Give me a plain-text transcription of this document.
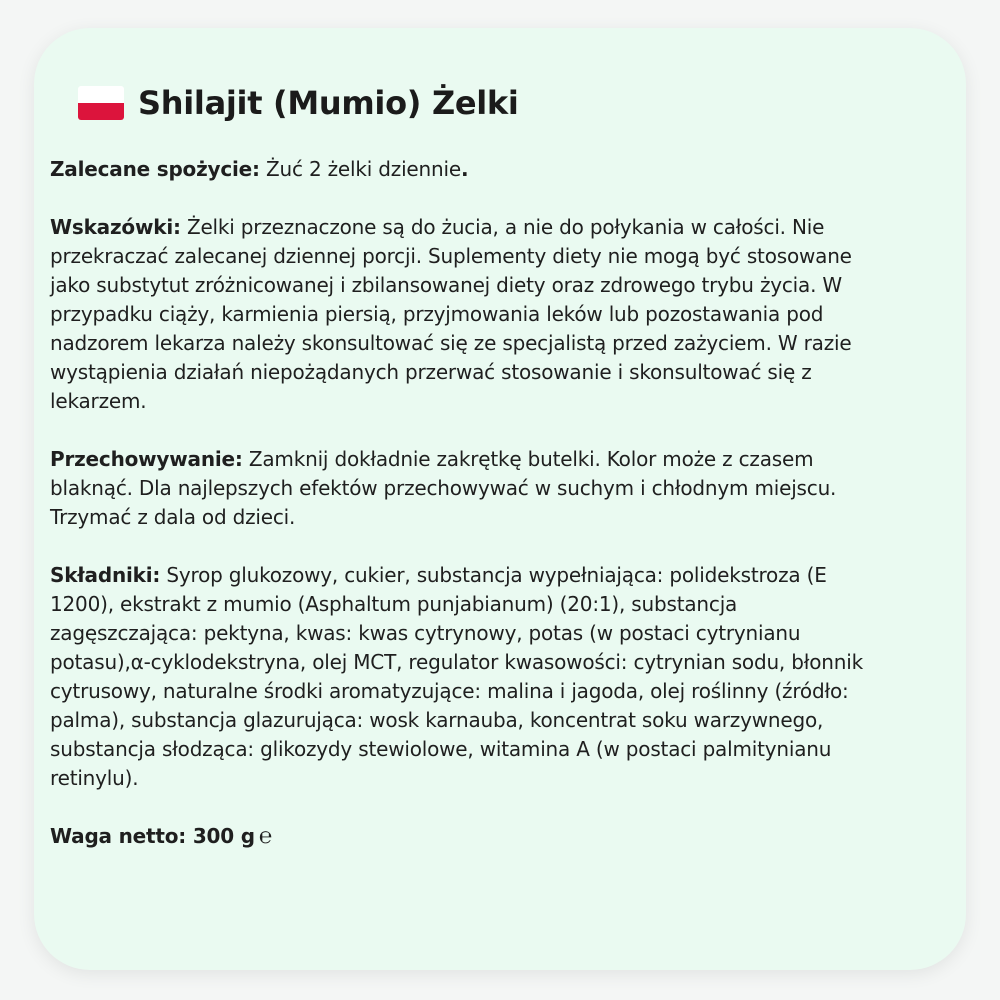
Shilajit (Mumio) Żelki

Zalecane spożycie: Żuć 2 żelki dziennie.

Wskazówki: Żelki przeznaczone są do żucia, a nie do połykania w całości. Nie przekraczać zalecanej dziennej porcji. Suplementy diety nie mogą być stosowane jako substytut zróżnicowanej i zbilansowanej diety oraz zdrowego trybu życia. W przypadku ciąży, karmienia piersią, przyjmowania leków lub pozostawania pod nadzorem lekarza należy skonsultować się ze specjalistą przed zażyciem. W razie wystąpienia działań niepożądanych przerwać stosowanie i skonsultować się z lekarzem.

Przechowywanie: Zamknij dokładnie zakrętkę butelki. Kolor może z czasem blaknąć. Dla najlepszych efektów przechowywać w suchym i chłodnym miejscu. Trzymać z dala od dzieci.

Składniki: Syrop glukozowy, cukier, substancja wypełniająca: polidekstroza (E 1200), ekstrakt z mumio (Asphaltum punjabianum) (20:1), substancja zagęszczająca: pektyna, kwas: kwas cytrynowy, potas (w postaci cytrynianu potasu),α-cyklodekstryna, olej MCT, regulator kwasowości: cytrynian sodu, błonnik cytrusowy, naturalne środki aromatyzujące: malina i jagoda, olej roślinny (źródło: palma), substancja glazurująca: wosk karnauba, koncentrat soku warzywnego, substancja słodząca: glikozydy stewiolowe, witamina A (w postaci palmitynianu retinylu).

Waga netto: 300 g ℮
